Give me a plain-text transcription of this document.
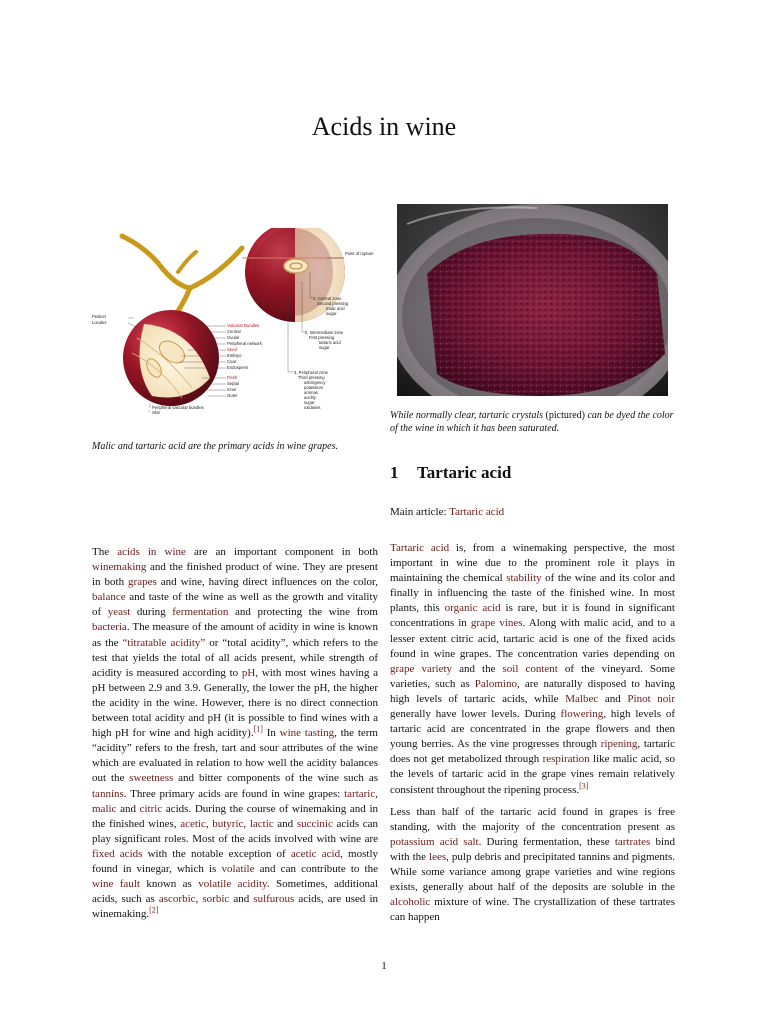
Acids in wine
Point of rupture
Pedicel
Locules
Vascular Bundles
Central
Ovular
Peripheral network
Seed
Embryo
Coat
Endosperm
Flesh
Septal
Inner
Outer
Peripheral vascular bundles
Skin
1, Central zone
Second pressing
malic acid
sugar
2, Intermediate zone
First pressing
tartaric acid
sugar
3, Peripheral zone
Third pressing
astringency
potassium
aromas
acidity
sugar
oxidases
Malic and tartaric acid are the primary acids in wine grapes.
While normally clear, tartaric crystals (pictured) can be dyed the color of the wine in which it has been saturated.
1 Tartaric acid
Main article: Tartaric acid

The acids in wine are an important component in both winemaking and the finished product of wine. They are present in both grapes and wine, having direct influences on the color, balance and taste of the wine as well as the growth and vitality of yeast during fermentation and protecting the wine from bacteria. The measure of the amount of acidity in wine is known as the “titratable acidity” or “total acidity”, which refers to the test that yields the total of all acids present, while strength of acidity is measured according to pH, with most wines having a pH between 2.9 and 3.9. Generally, the lower the pH, the higher the acidity in the wine. However, there is no direct connection between total acidity and pH (it is possible to find wines with a high pH for wine and high acidity).[1] In wine tasting, the term “acidity” refers to the fresh, tart and sour attributes of the wine which are evaluated in relation to how well the acidity balances out the sweetness and bitter components of the wine such as tannins. Three primary acids are found in wine grapes: tartaric, malic and citric acids. During the course of winemaking and in the finished wines, acetic, butyric, lactic and succinic acids can play significant roles. Most of the acids involved with wine are fixed acids with the notable exception of acetic acid, mostly found in vinegar, which is volatile and can contribute to the wine fault known as volatile acidity. Sometimes, additional acids, such as ascorbic, sorbic and sulfurous acids, are used in winemaking.[2]

Tartaric acid is, from a winemaking perspective, the most important in wine due to the prominent role it plays in maintaining the chemical stability of the wine and its color and finally in influencing the taste of the finished wine. In most plants, this organic acid is rare, but it is found in significant concentrations in grape vines. Along with malic acid, and to a lesser extent citric acid, tartaric acid is one of the fixed acids found in wine grapes. The concentration varies depending on grape variety and the soil content of the vineyard. Some varieties, such as Palomino, are naturally disposed to having high levels of tartaric acids, while Malbec and Pinot noir generally have lower levels. During flowering, high levels of tartaric acid are concentrated in the grape flowers and then young berries. As the vine progresses through ripening, tartaric does not get metabolized through respiration like malic acid, so the levels of tartaric acid in the grape vines remain relatively consistent throughout the ripening process.[3]

Less than half of the tartaric acid found in grapes is free standing, with the majority of the concentration present as potassium acid salt. During fermentation, these tartrates bind with the lees, pulp debris and precipitated tannins and pigments. While some variance among grape varieties and wine regions exists, generally about half of the deposits are soluble in the alcoholic mixture of wine. The crystallization of these tartrates can happen

1
